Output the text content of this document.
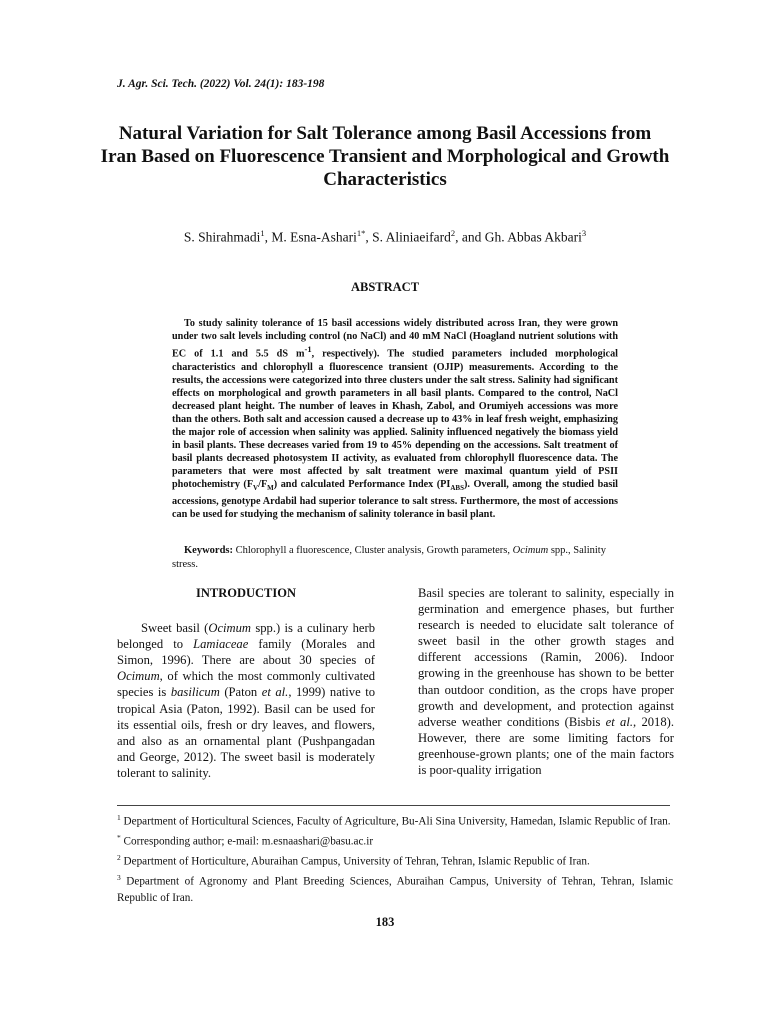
J. Agr. Sci. Tech. (2022) Vol. 24(1): 183-198
Natural Variation for Salt Tolerance among Basil Accessions from Iran Based on Fluorescence Transient and Morphological and Growth Characteristics
S. Shirahmadi$^1$, M. Esna-Ashari$^{1*}$, S. Aliniaeifard$^2$, and Gh. Abbas Akbari$^3$
ABSTRACT
To study salinity tolerance of 15 basil accessions widely distributed across Iran, they were grown under two salt levels including control (no NaCl) and 40 mM NaCl (Hoagland nutrient solutions with EC of 1.1 and 5.5 dS $m^{-1}$, respectively). The studied parameters included morphological characteristics and chlorophyll a fluorescence transient (OJIP) measurements. According to the results, the accessions were categorized into three clusters under the salt stress. Salinity had significant effects on morphological and growth parameters in all basil plants. Compared to the control, NaCl decreased plant height. The number of leaves in Khash, Zabol, and Orumiyeh accessions was more than the others. Both salt and accession caused a decrease up to 43% in leaf fresh weight, emphasizing the major role of accession when salinity was applied. Salinity influenced negatively the biomass yield in basil plants. These decreases varied from 19 to 45% depending on the accessions. Salt treatment of basil plants decreased photosystem II activity, as evaluated from chlorophyll fluorescence data. The parameters that were most affected by salt treatment were maximal quantum yield of PSII photochemistry $(F_V/F_M)$ and calculated Performance Index $(PI_{ABS})$. Overall, among the studied basil accessions, genotype Ardabil had superior tolerance to salt stress. Furthermore, the most of accessions can be used for studying the mechanism of salinity tolerance in basil plant.
Keywords: Chlorophyll a fluorescence, Cluster analysis, Growth parameters, Ocimum spp., Salinity stress.
INTRODUCTION

Sweet basil (Ocimum spp.) is a culinary herb belonged to Lamiaceae family (Morales and Simon, 1996). There are about 30 species of Ocimum, of which the most commonly cultivated species is basilicum (Paton et al., 1999) native to tropical Asia (Paton, 1992). Basil can be used for its essential oils, fresh or dry leaves, and flowers, and also as an ornamental plant (Pushpangadan and George, 2012). The sweet basil is moderately tolerant to salinity.

Basil species are tolerant to salinity, especially in germination and emergence phases, but further research is needed to elucidate salt tolerance of sweet basil in the other growth stages and different accessions (Ramin, 2006). Indoor growing in the greenhouse has shown to be better than outdoor condition, as the crops have proper growth and development, and protection against adverse weather conditions (Bisbis et al., 2018). However, there are some limiting factors for greenhouse-grown plants; one of the main factors is poor-quality irrigation

$^1$ Department of Horticultural Sciences, Faculty of Agriculture, Bu-Ali Sina University, Hamedan, Islamic Republic of Iran.

* Corresponding author; e-mail: m.esnaashari@basu.ac.ir

$^2$ Department of Horticulture, Aburaihan Campus, University of Tehran, Tehran, Islamic Republic of Iran.

$^3$ Department of Agronomy and Plant Breeding Sciences, Aburaihan Campus, University of Tehran, Tehran, Islamic Republic of Iran.

183
